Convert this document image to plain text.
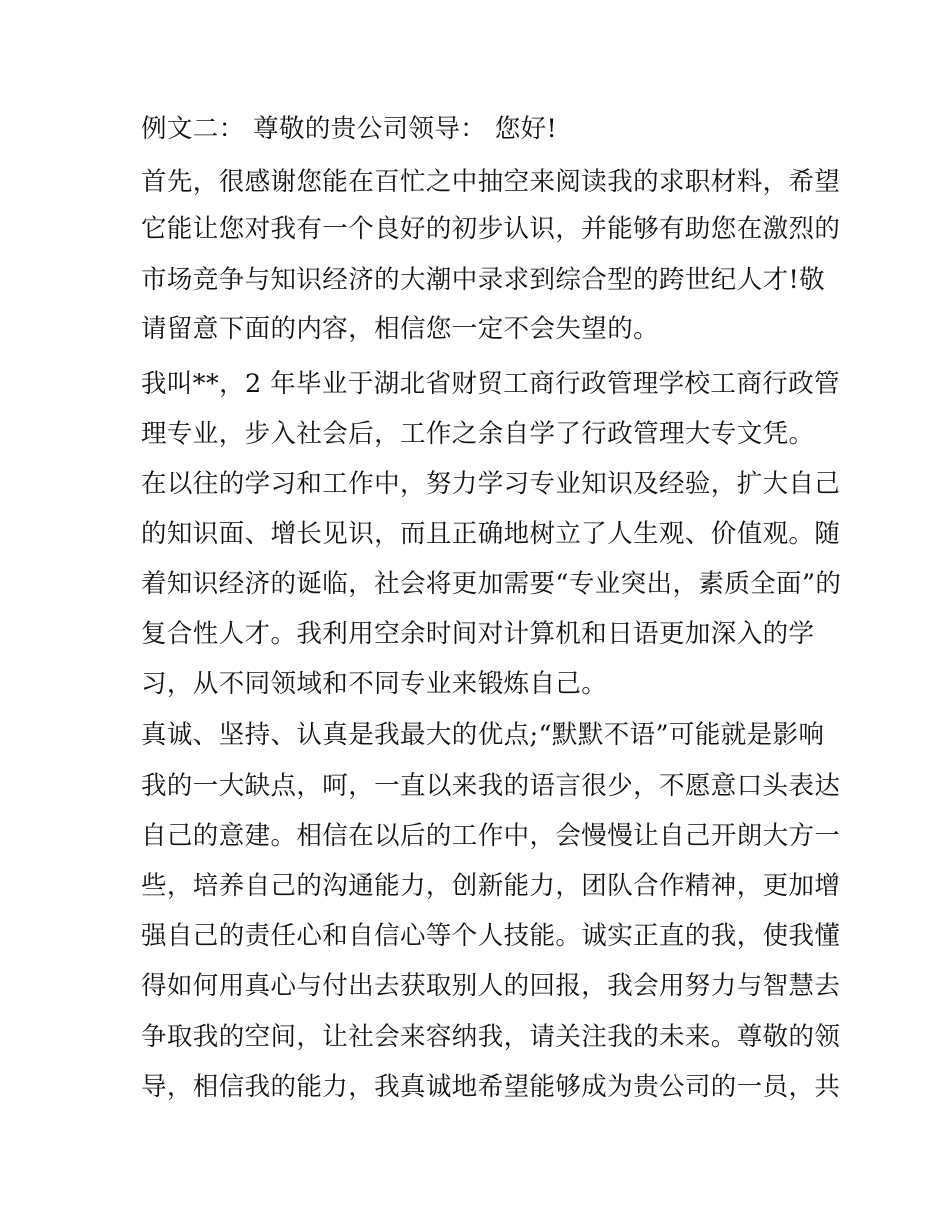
例文二： 尊敬的贵公司领导： 您好!
首先，很感谢您能在百忙之中抽空来阅读我的求职材料，希望
它能让您对我有一个良好的初步认识，并能够有助您在激烈的
市场竞争与知识经济的大潮中录求到综合型的跨世纪人才!敬
请留意下面的内容，相信您一定不会失望的。
我叫**，2 年毕业于湖北省财贸工商行政管理学校工商行政管
理专业，步入社会后，工作之余自学了行政管理大专文凭。
在以往的学习和工作中，努力学习专业知识及经验，扩大自己
的知识面、增长见识，而且正确地树立了人生观、价值观。随
着知识经济的诞临，社会将更加需要“专业突出，素质全面”的
复合性人才。我利用空余时间对计算机和日语更加深入的学
习，从不同领域和不同专业来锻炼自己。
真诚、坚持、认真是我最大的优点;“默默不语”可能就是影响
我的一大缺点，呵，一直以来我的语言很少，不愿意口头表达
自己的意建。相信在以后的工作中，会慢慢让自己开朗大方一
些，培养自己的沟通能力，创新能力，团队合作精神，更加增
强自己的责任心和自信心等个人技能。诚实正直的我，使我懂
得如何用真心与付出去获取别人的回报，我会用努力与智慧去
争取我的空间，让社会来容纳我，请关注我的未来。尊敬的领
导，相信我的能力，我真诚地希望能够成为贵公司的一员，共
